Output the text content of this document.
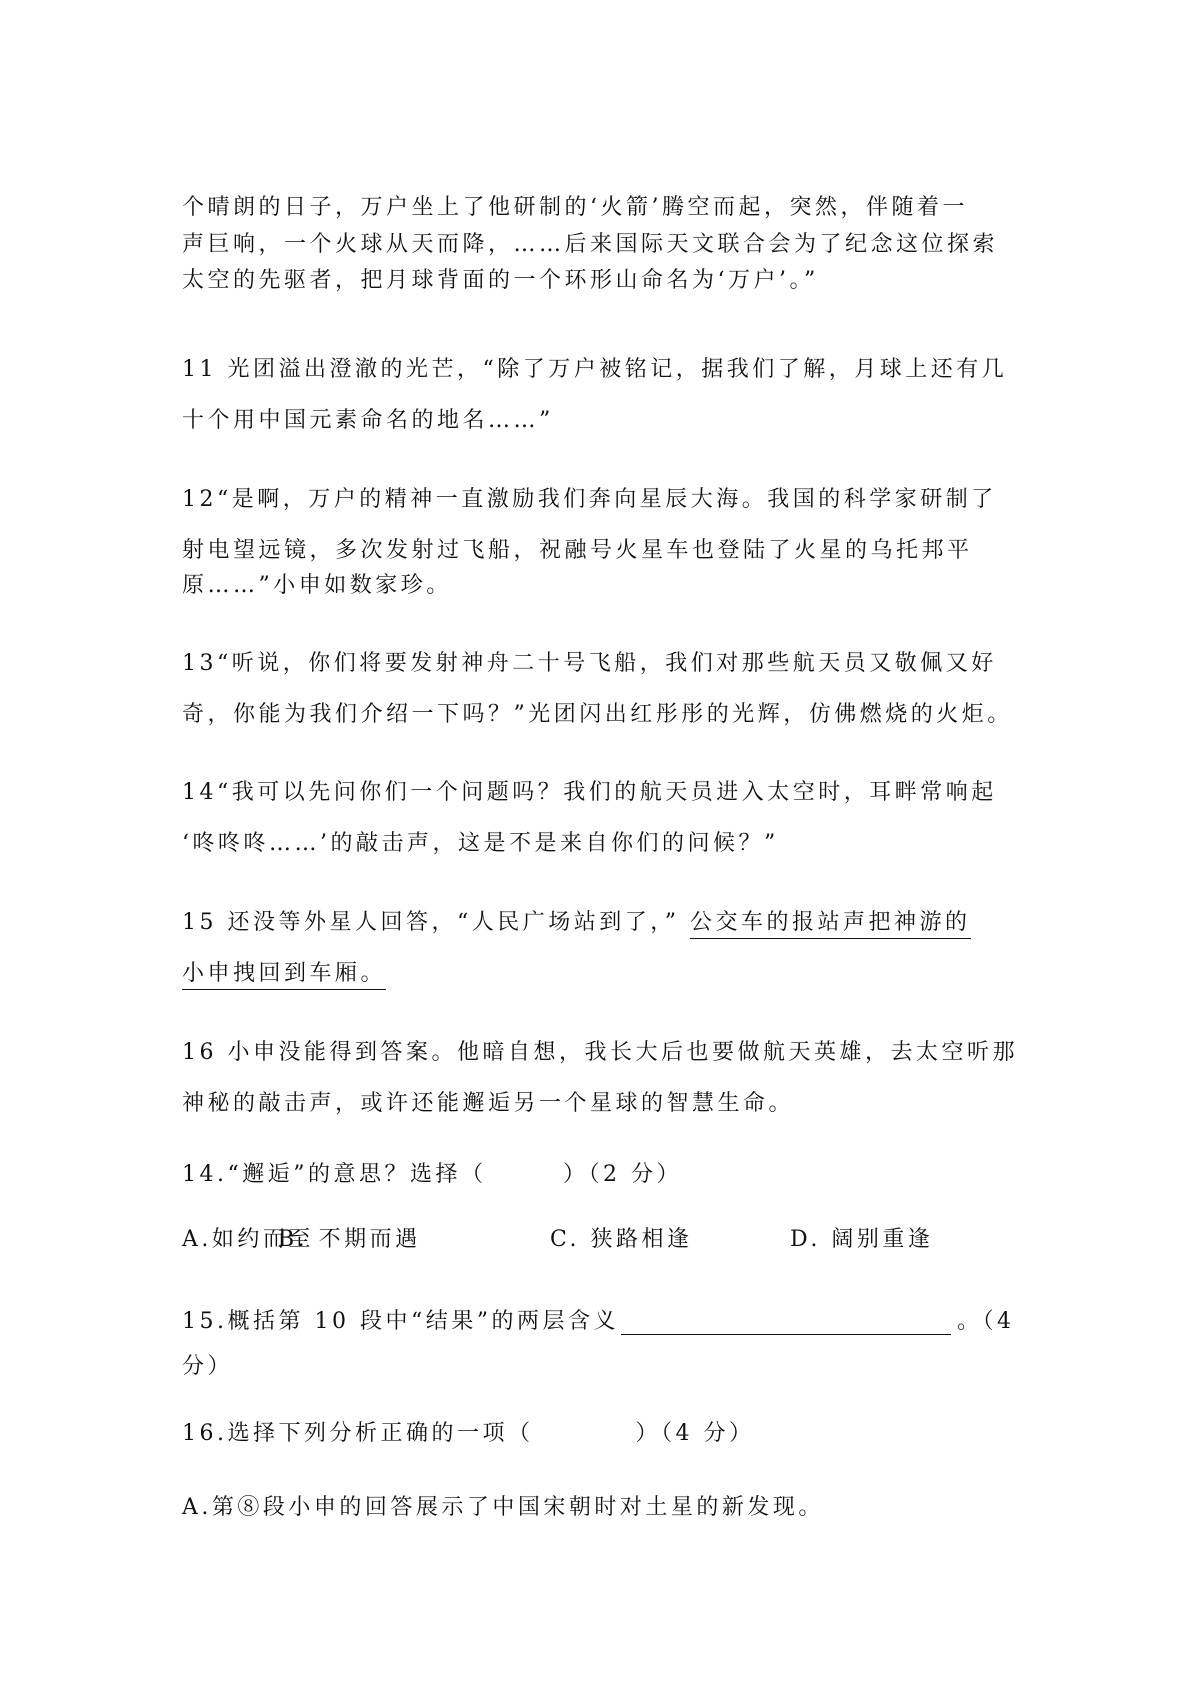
个晴朗的日子，万户坐上了他研制的‘火箭’腾空而起，突然，伴随着一
声巨响，一个火球从天而降，……后来国际天文联合会为了纪念这位探索
太空的先驱者，把月球背面的一个环形山命名为‘万户’。”
11 光团溢出澄澈的光芒，“除了万户被铭记，据我们了解，月球上还有几
十个用中国元素命名的地名……”
12“是啊，万户的精神一直激励我们奔向星辰大海。我国的科学家研制了
射电望远镜，多次发射过飞船，祝融号火星车也登陆了火星的乌托邦平
原……”小申如数家珍。
13“听说，你们将要发射神舟二十号飞船，我们对那些航天员又敬佩又好
奇，你能为我们介绍一下吗？”光团闪出红彤彤的光辉，仿佛燃烧的火炬。
14“我可以先问你们一个问题吗？我们的航天员进入太空时，耳畔常响起
‘咚咚咚……’的敲击声，这是不是来自你们的问候？”
15 还没等外星人回答，“人民广场站到了，” 公交车的报站声把神游的
小申拽回到车厢。
16 小申没能得到答案。他暗自想，我长大后也要做航天英雄，去太空听那
神秘的敲击声，或许还能邂逅另一个星球的智慧生命。
14.“邂逅”的意思？选择（　　　）（2 分）
A.如约而至
B. 不期而遇	C. 狭路相逢	D. 阔别重逢
15.概括第 10 段中“结果”的两层含义	。（4
分）
16.选择下列分析正确的一项（　　　　）（4 分）
A.第⑧段小申的回答展示了中国宋朝时对土星的新发现。
